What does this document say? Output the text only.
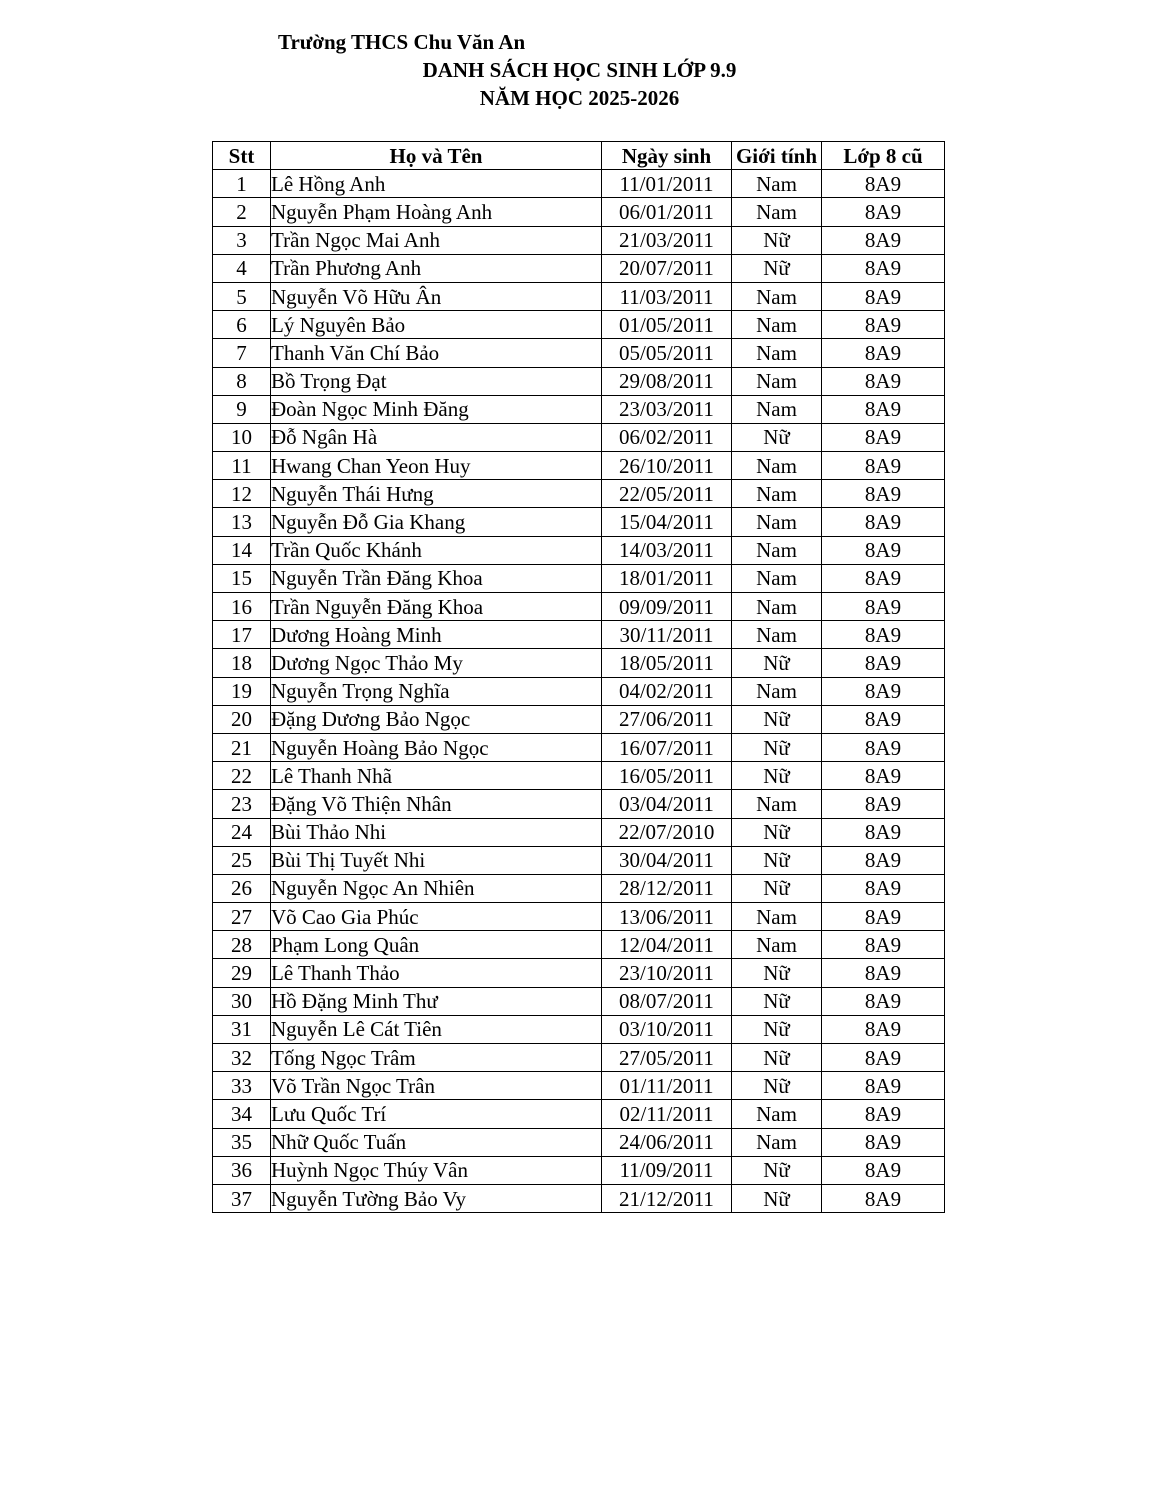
Trường THCS Chu Văn An
DANH SÁCH HỌC SINH LỚP 9.9
NĂM HỌC 2025-2026
Stt	Họ và Tên	Ngày sinh	Giới tính	Lớp 8 cũ
1	Lê Hồng Anh	11/01/2011	Nam	8A9
2	Nguyễn Phạm Hoàng Anh	06/01/2011	Nam	8A9
3	Trần Ngọc Mai Anh	21/03/2011	Nữ	8A9
4	Trần Phương Anh	20/07/2011	Nữ	8A9
5	Nguyễn Võ Hữu Ân	11/03/2011	Nam	8A9
6	Lý Nguyên Bảo	01/05/2011	Nam	8A9
7	Thanh Văn Chí Bảo	05/05/2011	Nam	8A9
8	Bồ Trọng Đạt	29/08/2011	Nam	8A9
9	Đoàn Ngọc Minh Đăng	23/03/2011	Nam	8A9
10	Đỗ Ngân Hà	06/02/2011	Nữ	8A9
11	Hwang Chan Yeon Huy	26/10/2011	Nam	8A9
12	Nguyễn Thái Hưng	22/05/2011	Nam	8A9
13	Nguyễn Đỗ Gia Khang	15/04/2011	Nam	8A9
14	Trần Quốc Khánh	14/03/2011	Nam	8A9
15	Nguyễn Trần Đăng Khoa	18/01/2011	Nam	8A9
16	Trần Nguyễn Đăng Khoa	09/09/2011	Nam	8A9
17	Dương Hoàng Minh	30/11/2011	Nam	8A9
18	Dương Ngọc Thảo My	18/05/2011	Nữ	8A9
19	Nguyễn Trọng Nghĩa	04/02/2011	Nam	8A9
20	Đặng Dương Bảo Ngọc	27/06/2011	Nữ	8A9
21	Nguyễn Hoàng Bảo Ngọc	16/07/2011	Nữ	8A9
22	Lê Thanh Nhã	16/05/2011	Nữ	8A9
23	Đặng Võ Thiện Nhân	03/04/2011	Nam	8A9
24	Bùi Thảo Nhi	22/07/2010	Nữ	8A9
25	Bùi Thị Tuyết Nhi	30/04/2011	Nữ	8A9
26	Nguyễn Ngọc An Nhiên	28/12/2011	Nữ	8A9
27	Võ Cao Gia Phúc	13/06/2011	Nam	8A9
28	Phạm Long Quân	12/04/2011	Nam	8A9
29	Lê Thanh Thảo	23/10/2011	Nữ	8A9
30	Hồ Đặng Minh Thư	08/07/2011	Nữ	8A9
31	Nguyễn Lê Cát Tiên	03/10/2011	Nữ	8A9
32	Tống Ngọc Trâm	27/05/2011	Nữ	8A9
33	Võ Trần Ngọc Trân	01/11/2011	Nữ	8A9
34	Lưu Quốc Trí	02/11/2011	Nam	8A9
35	Nhữ Quốc Tuấn	24/06/2011	Nam	8A9
36	Huỳnh Ngọc Thúy Vân	11/09/2011	Nữ	8A9
37	Nguyễn Tường Bảo Vy	21/12/2011	Nữ	8A9
